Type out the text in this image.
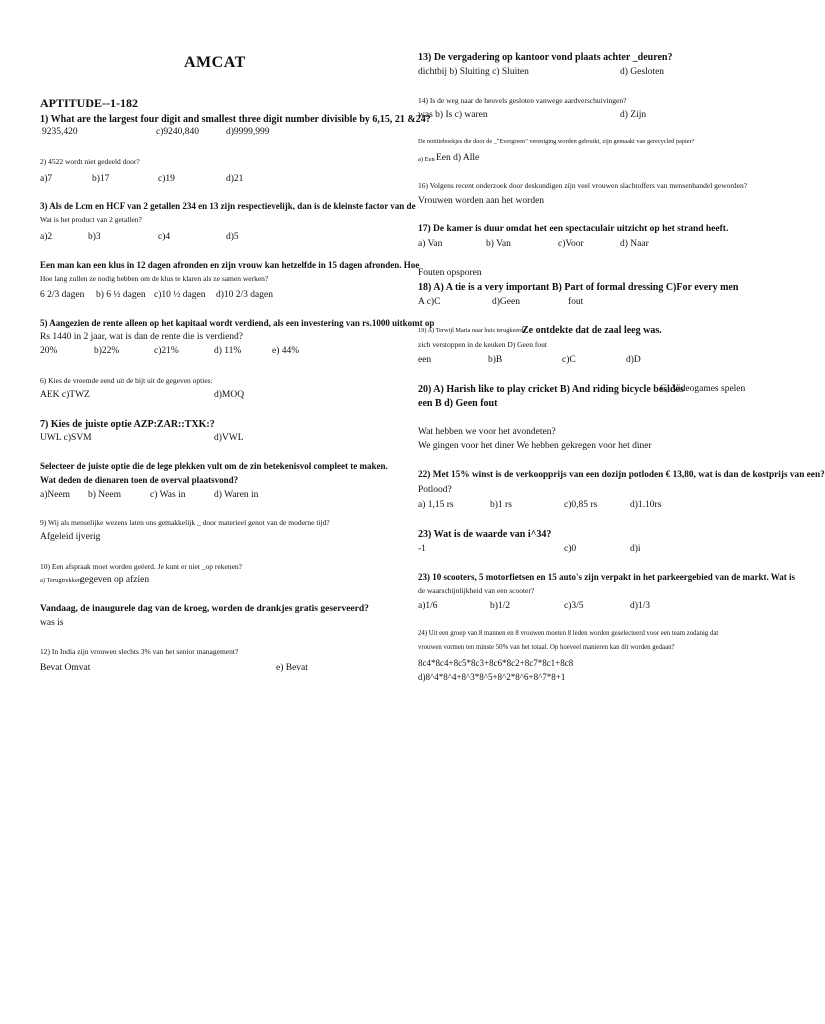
AMCAT
APTITUDE--1-182
1) What are the largest four digit and smallest three digit number divisible by 6,15, 21 &24?
9235,420	c)9240,840	d)9999,999
2) 4522 wordt niet gedeeld door?
a)7	b)17	c)19	d)21
3) Als de Lcm en HCF van 2 getallen 234 en 13 zijn respectievelijk, dan is de kleinste factor van de
Wat is het product van 2 getallen?
a)2	b)3	c)4	d)5
Een man kan een klus in 12 dagen afronden en zijn vrouw kan hetzelfde in 15 dagen afronden. Hoe
Hoe lang zullen ze nodig hebben om de klus te klaren als ze samen werken?
6 2/3 dagen b) 6 ½ dagen c)10 ½ dagen d)10 2/3 dagen
5) Aangezien de rente alleen op het kapitaal wordt verdiend, als een investering van rs.1000 uitkomt op
Rs 1440 in 2 jaar, wat is dan de rente die is verdiend?
20%	b)22%	c)21%	d) 11%	e) 44%
6) Kies de vreemde eend uit de bijt uit de gegeven opties:
AEK c)TWZ	d)MOQ
7) Kies de juiste optie AZP:ZAR::TXK:?
UWL c)SVM	d)VWL
Selecteer de juiste optie die de lege plekken vult om de zin betekenisvol compleet te maken.
Wat deden de dienaren toen de overval plaatsvond?
a)Neem b) Neem	c) Was in	d) Waren in
9) Wij als menselijke wezens laten ons gemakkelijk _ door materieel genot van de moderne tijd?
Afgeleid ijverig
10) Een afspraak moet worden geëerd. Je kunt er niet _op rekenen?
a) Terugtrekken
gegeven op afzien
Vandaag, de inaugurele dag van de kroeg, worden de drankjes gratis geserveerd?
was is
12) In India zijn vrouwen slechts 3% van het senior management?
Bevat Omvat	e) Bevat
13) De vergadering op kantoor vond plaats achter _deuren?
dichtbij b) Sluiting c) Sluiten	d) Gesloten
14) Is de weg naar de heuvels gesloten vanwege aardverschuivingen?
was b) Is c) waren	d) Zijn
De notitieboekjes die door de _"Evergreen" vereniging worden gebruikt, zijn gemaakt van gerecycled papier?
a) Een Een d) Alle
16) Volgens recent onderzoek door deskundigen zijn veel vrouwen slachtoffers van mensenhandel geworden?
Vrouwen worden aan het worden
17) De kamer is duur omdat het een spectaculair uitzicht op het strand heeft.
a) Van	b) Van	c)Voor	d) Naar
Fouten opsporen
18) A) A tie is a very important B) Part of formal dressing C)For every men
A c)C	d)Geen	fout
19) A) Terwijl Maria naar huis terugkeerde
Ze ontdekte dat de zaal leeg was.
zich verstoppen in de keuken D) Geen fout
een	b)B	c)C	d)D
20) A) Harish like to play cricket B) And riding bicycle besides
C) Videogames spelen
een B d) Geen fout
Wat hebben we voor het avondeten?
We gingen voor het diner We hebben gekregen voor het diner
22) Met 15% winst is de verkoopprijs van een dozijn potloden € 13,80, wat is dan de kostprijs van een?
Potlood?
a) 1,15 rs	b)1 rs	c)0,85 rs	d)1.10rs
23) Wat is de waarde van i^34?
-1	c)0	d)i
23) 10 scooters, 5 motorfietsen en 15 auto's zijn verpakt in het parkeergebied van de markt. Wat is
de waarschijnlijkheid van een scooter?
a)1/6	b)1/2	c)3/5	d)1/3
24) Uit een groep van 8 mannen en 8 vrouwen moeten 8 leden worden geselecteerd voor een team zodanig dat
vrouwen vormen ten minste 50% van het totaal. Op hoeveel manieren kan dit worden gedaan?
8c4*8c4+8c5*8c3+8c6*8c2+8c7*8c1+8c8
d)8^4*8^4+8^3*8^5+8^2*8^6+8^7*8+1
